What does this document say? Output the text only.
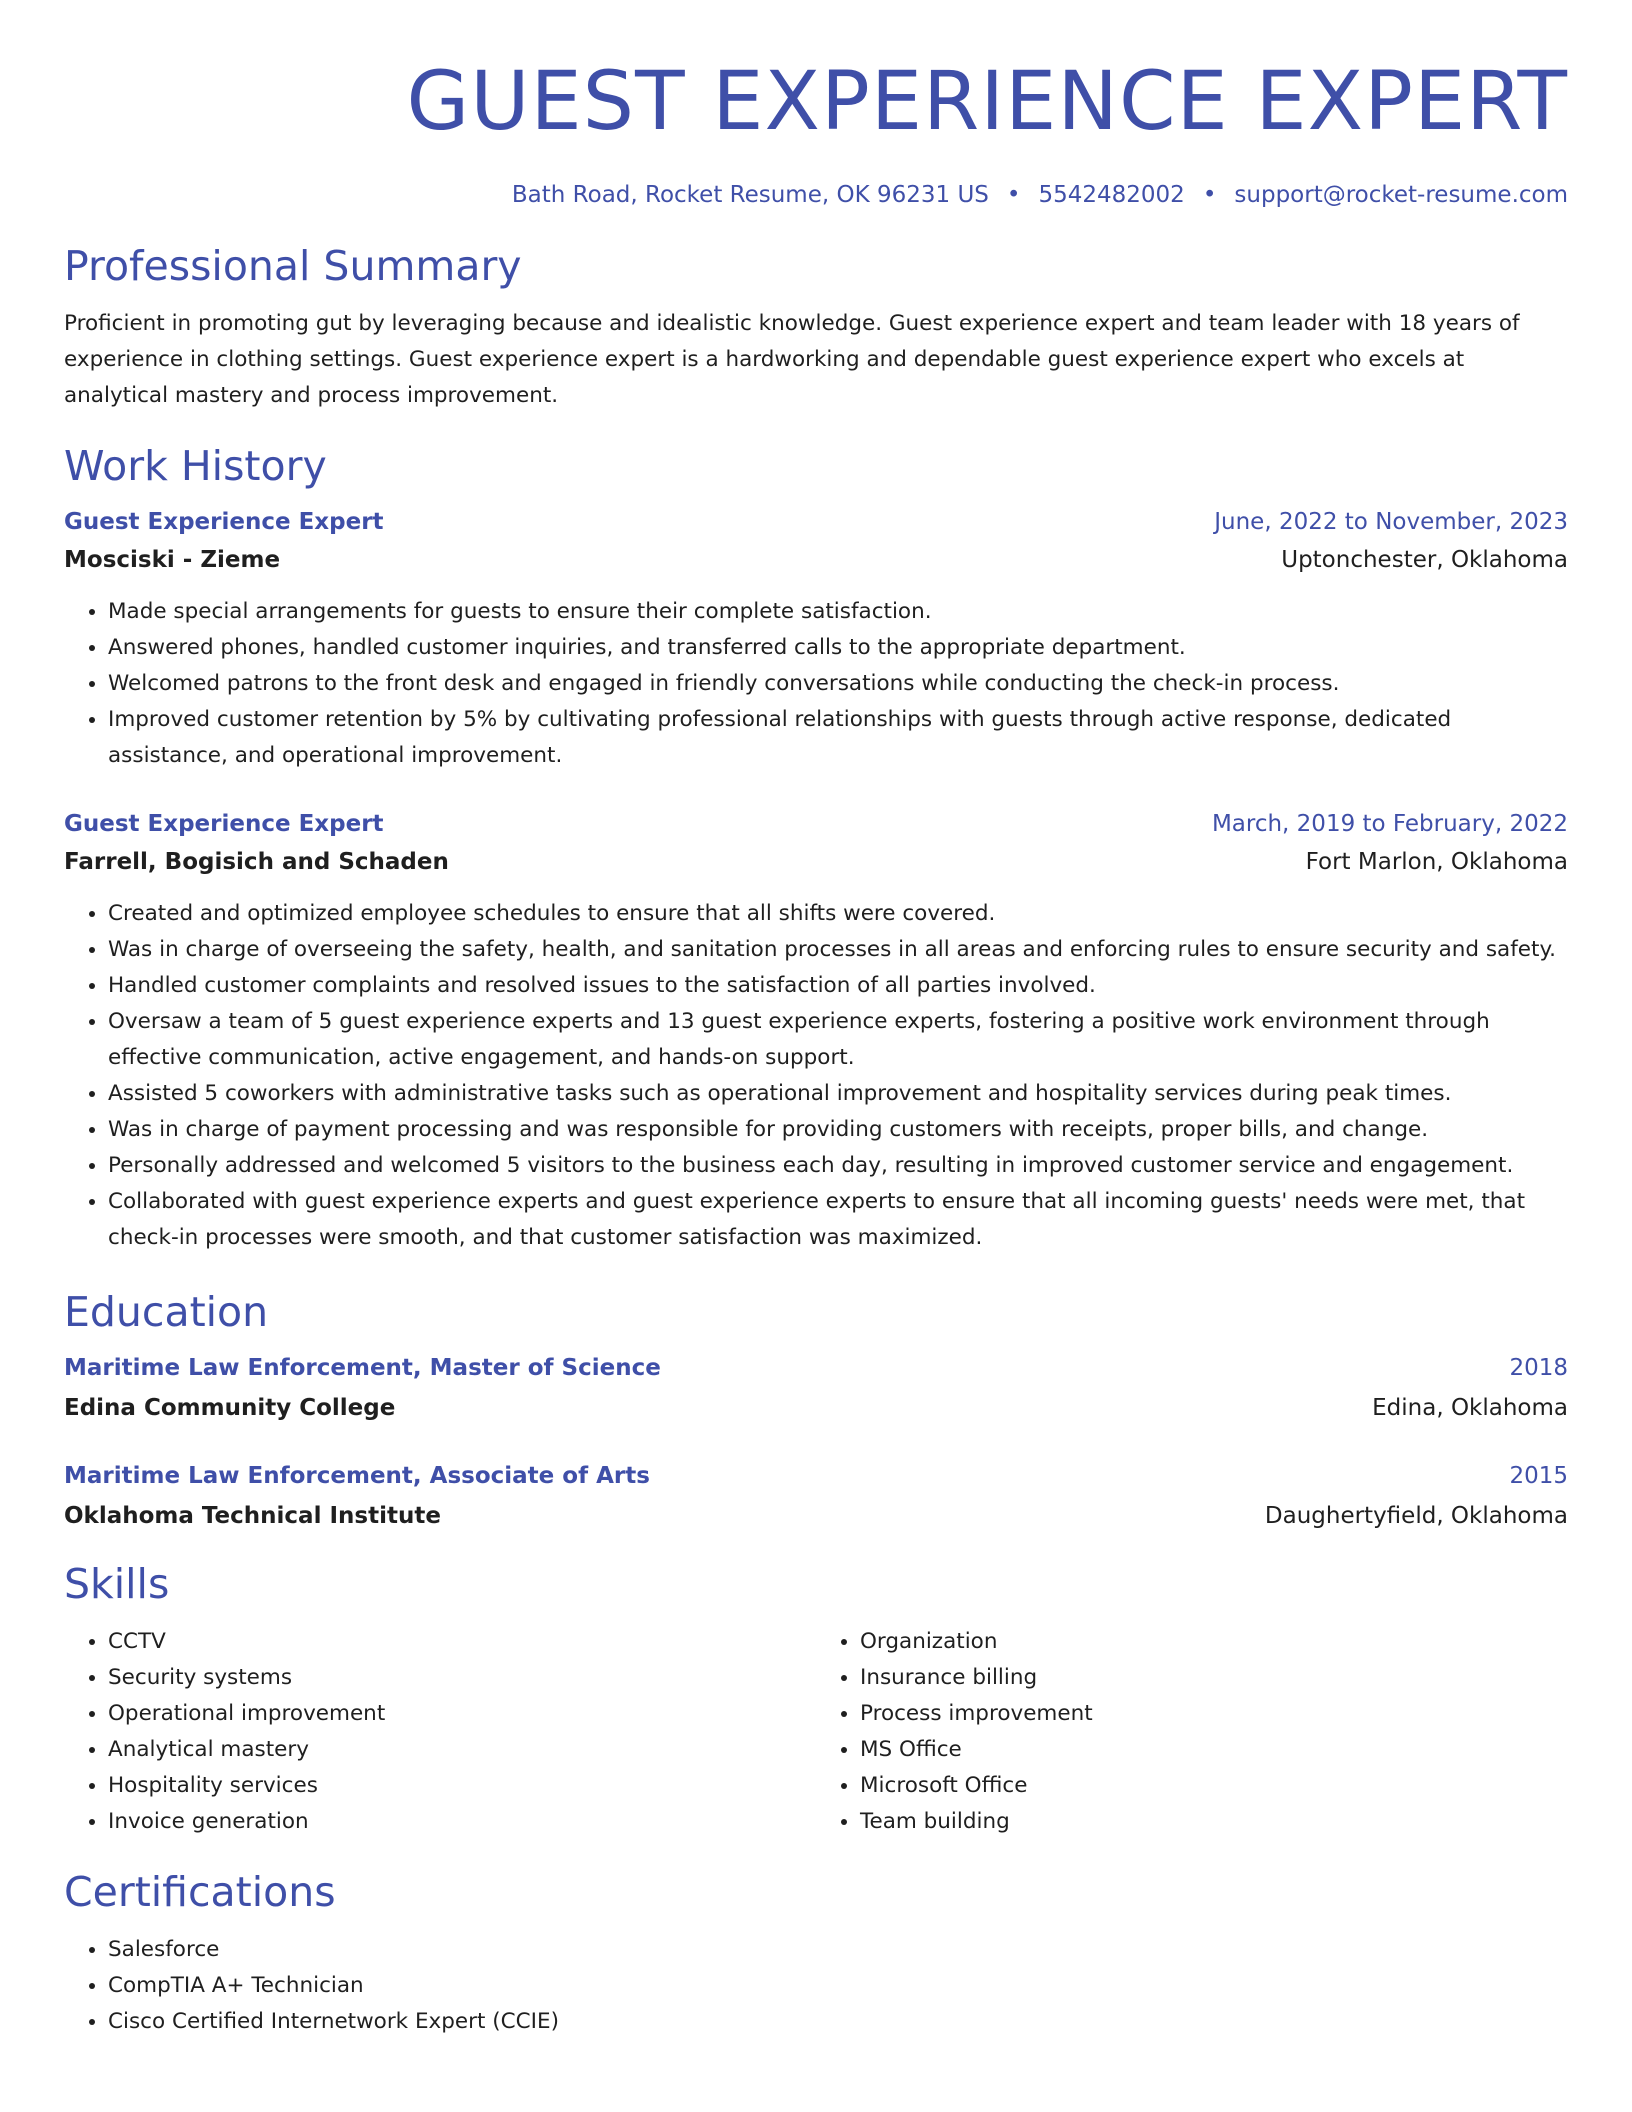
GUEST EXPERIENCE EXPERT
Bath Road, Rocket Resume, OK 96231 US • 5542482002 • support@rocket-resume.com
Professional Summary
Proficient in promoting gut by leveraging because and idealistic knowledge. Guest experience expert and team leader with 18 years of experience in clothing settings. Guest experience expert is a hardworking and dependable guest experience expert who excels at analytical mastery and process improvement.
Work History
Guest Experience Expert	June, 2022 to November, 2023
Mosciski - Zieme	Uptonchester, Oklahoma
• Made special arrangements for guests to ensure their complete satisfaction.
• Answered phones, handled customer inquiries, and transferred calls to the appropriate department.
• Welcomed patrons to the front desk and engaged in friendly conversations while conducting the check-in process.
• Improved customer retention by 5% by cultivating professional relationships with guests through active response, dedicated assistance, and operational improvement.
Guest Experience Expert	March, 2019 to February, 2022
Farrell, Bogisich and Schaden	Fort Marlon, Oklahoma
• Created and optimized employee schedules to ensure that all shifts were covered.
• Was in charge of overseeing the safety, health, and sanitation processes in all areas and enforcing rules to ensure security and safety.
• Handled customer complaints and resolved issues to the satisfaction of all parties involved.
• Oversaw a team of 5 guest experience experts and 13 guest experience experts, fostering a positive work environment through effective communication, active engagement, and hands-on support.
• Assisted 5 coworkers with administrative tasks such as operational improvement and hospitality services during peak times.
• Was in charge of payment processing and was responsible for providing customers with receipts, proper bills, and change.
• Personally addressed and welcomed 5 visitors to the business each day, resulting in improved customer service and engagement.
• Collaborated with guest experience experts and guest experience experts to ensure that all incoming guests' needs were met, that check-in processes were smooth, and that customer satisfaction was maximized.
Education
Maritime Law Enforcement, Master of Science	2018
Edina Community College	Edina, Oklahoma
Maritime Law Enforcement, Associate of Arts	2015
Oklahoma Technical Institute	Daughertyfield, Oklahoma
Skills
• CCTV
• Security systems
• Operational improvement
• Analytical mastery
• Hospitality services
• Invoice generation
• Organization
• Insurance billing
• Process improvement
• MS Office
• Microsoft Office
• Team building
Certifications
• Salesforce
• CompTIA A+ Technician
• Cisco Certified Internetwork Expert (CCIE)
